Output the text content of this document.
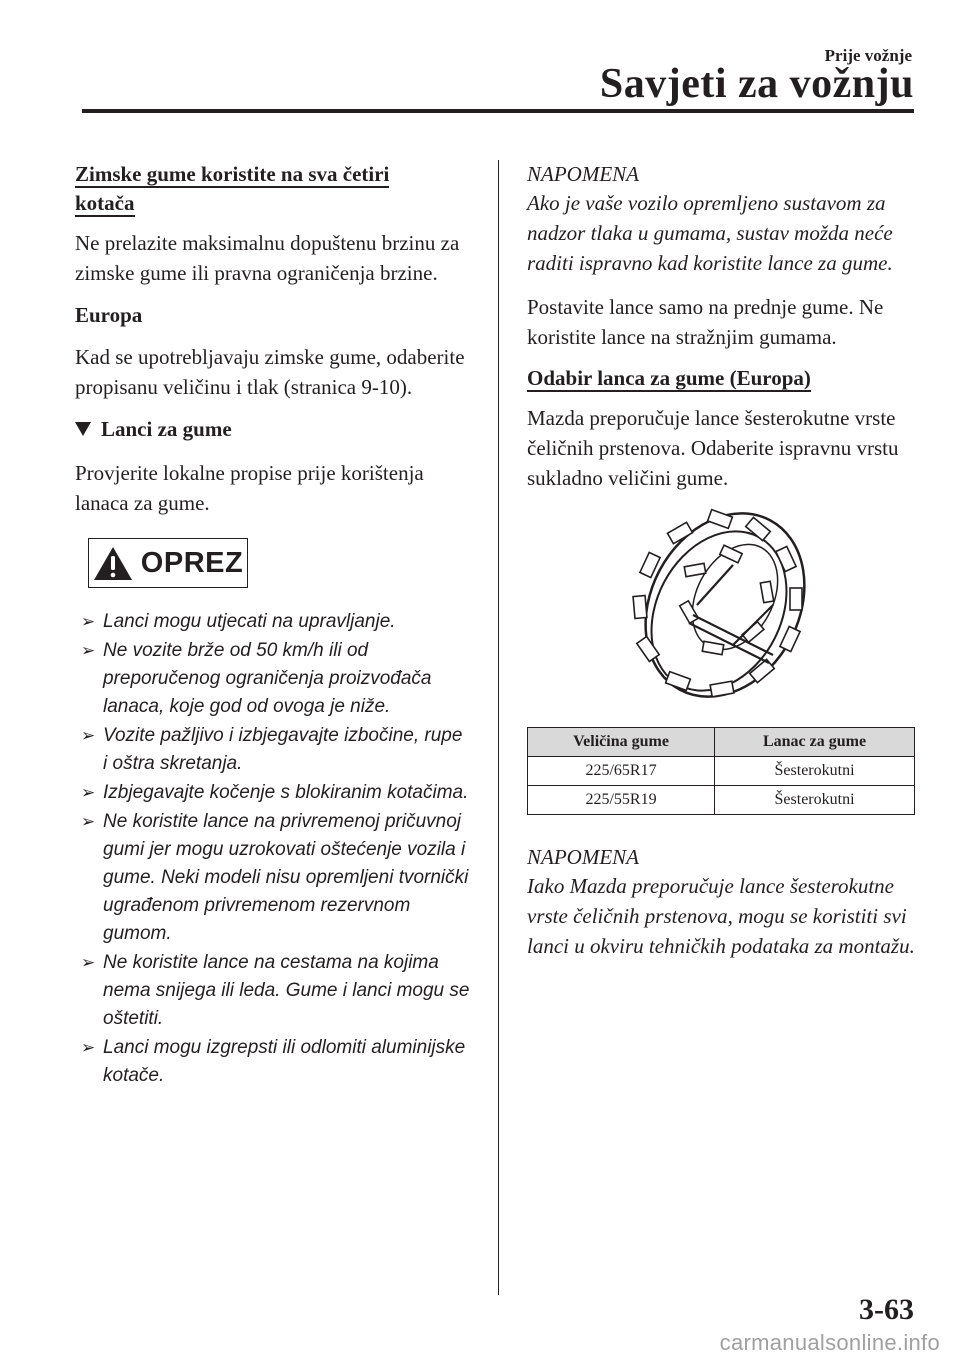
Prije vožnje
Savjeti za vožnju
Zimske gume koristite na sva četiri
kotača

Ne prelazite maksimalnu dopuštenu brzinu za zimske gume ili pravna ograničenja brzine.

Europa

Kad se upotrebljavaju zimske gume, odaberite propisanu veličinu i tlak (stranica 9-10).

Lanci za gume

Provjerite lokalne propise prije korištenja lanaca za gume.

OPREZ
➢ Lanci mogu utjecati na upravljanje.
➢ Ne vozite brže od 50 km/h ili od preporučenog ograničenja proizvođača lanaca, koje god od ovoga je niže.
➢ Vozite pažljivo i izbjegavajte izbočine, rupe i oštra skretanja.
➢ Izbjegavajte kočenje s blokiranim kotačima.
➢ Ne koristite lance na privremenoj pričuvnoj gumi jer mogu uzrokovati oštećenje vozila i gume. Neki modeli nisu opremljeni tvornički ugrađenom privremenom rezervnom gumom.
➢ Ne koristite lance na cestama na kojima nema snijega ili leda. Gume i lanci mogu se oštetiti.
➢ Lanci mogu izgrepsti ili odlomiti aluminijske kotače.
NAPOMENA

Ako je vaše vozilo opremljeno sustavom za nadzor tlaka u gumama, sustav možda neće raditi ispravno kad koristite lance za gume.

Postavite lance samo na prednje gume. Ne koristite lance na stražnjim gumama.

Odabir lanca za gume (Europa)

Mazda preporučuje lance šesterokutne vrste čeličnih prstenova. Odaberite ispravnu vrstu sukladno veličini gume.

Veličina gume	Lanac za gume
225/65R17	Šesterokutni
225/55R19	Šesterokutni
NAPOMENA

Iako Mazda preporučuje lance šesterokutne vrste čeličnih prstenova, mogu se koristiti svi lanci u okviru tehničkih podataka za montažu.

3-63
carmanualsonline.info
